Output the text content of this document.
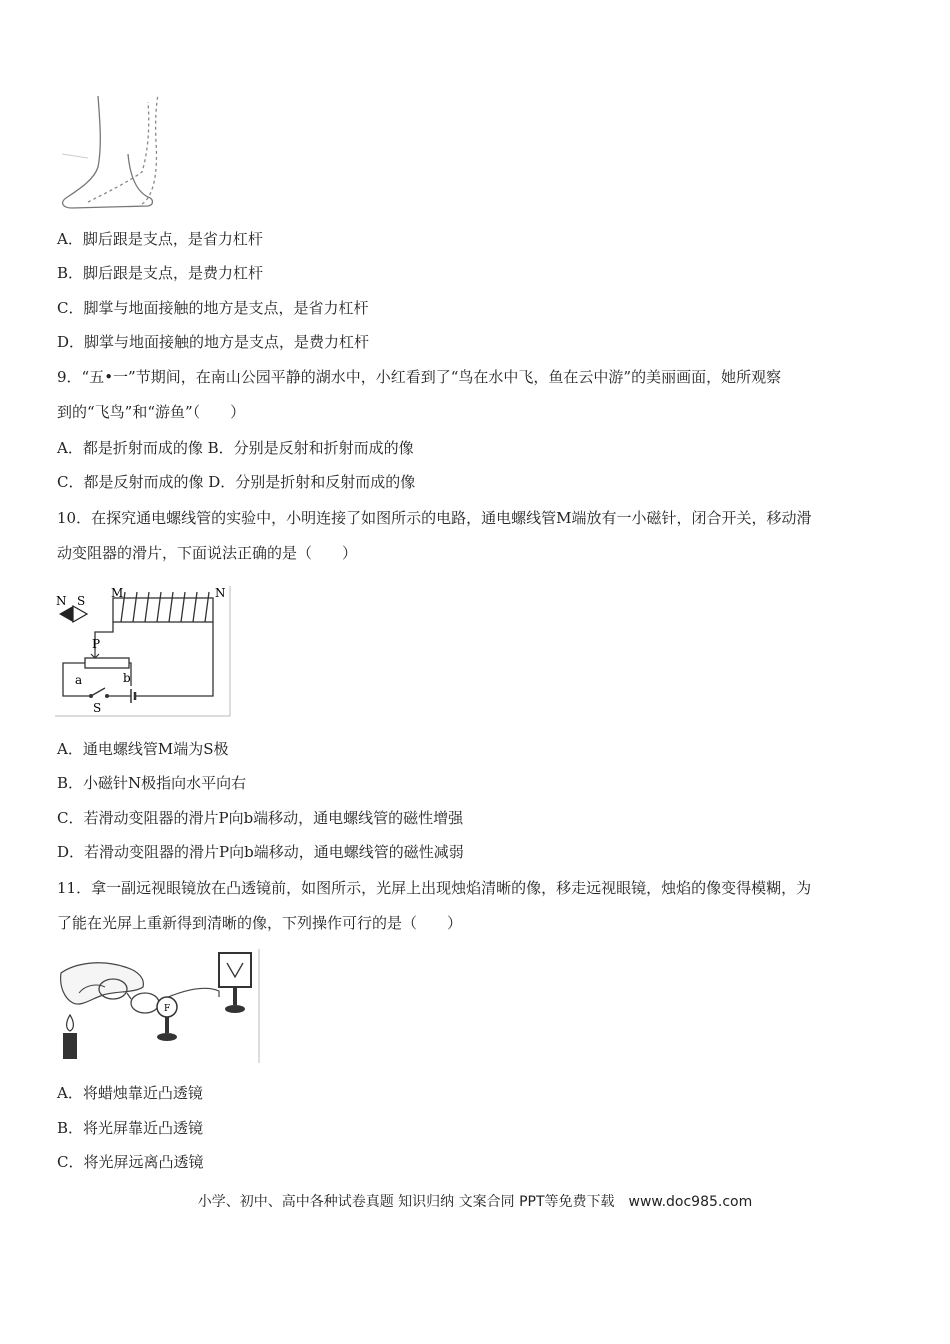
A．脚后跟是支点，是省力杠杆
B．脚后跟是支点，是费力杠杆
C．脚掌与地面接触的地方是支点，是省力杠杆
D．脚掌与地面接触的地方是支点，是费力杠杆
9．“五•一”节期间，在南山公园平静的湖水中，小红看到了“鸟在水中飞，鱼在云中游”的美丽画面，她所观察
到的“飞鸟”和“游鱼”（　　）
A．都是折射而成的像 B．分别是反射和折射而成的像
C．都是反射而成的像 D．分别是折射和反射而成的像
10．在探究通电螺线管的实验中，小明连接了如图所示的电路，通电螺线管M端放有一小磁针，闭合开关，移动滑
动变阻器的滑片，下面说法正确的是（　　）
N S
M	N
P
a	b
S
A．通电螺线管M端为S极
B．小磁针N极指向水平向右
C．若滑动变阻器的滑片P向b端移动，通电螺线管的磁性增强
D．若滑动变阻器的滑片P向b端移动，通电螺线管的磁性减弱
11．拿一副远视眼镜放在凸透镜前，如图所示，光屏上出现烛焰清晰的像，移走远视眼镜，烛焰的像变得模糊，为
了能在光屏上重新得到清晰的像，下列操作可行的是（　　）
F
A．将蜡烛靠近凸透镜
B．将光屏靠近凸透镜
C．将光屏远离凸透镜
小学、初中、高中各种试卷真题 知识归纳 文案合同 PPT等免费下载　www.doc985.com
